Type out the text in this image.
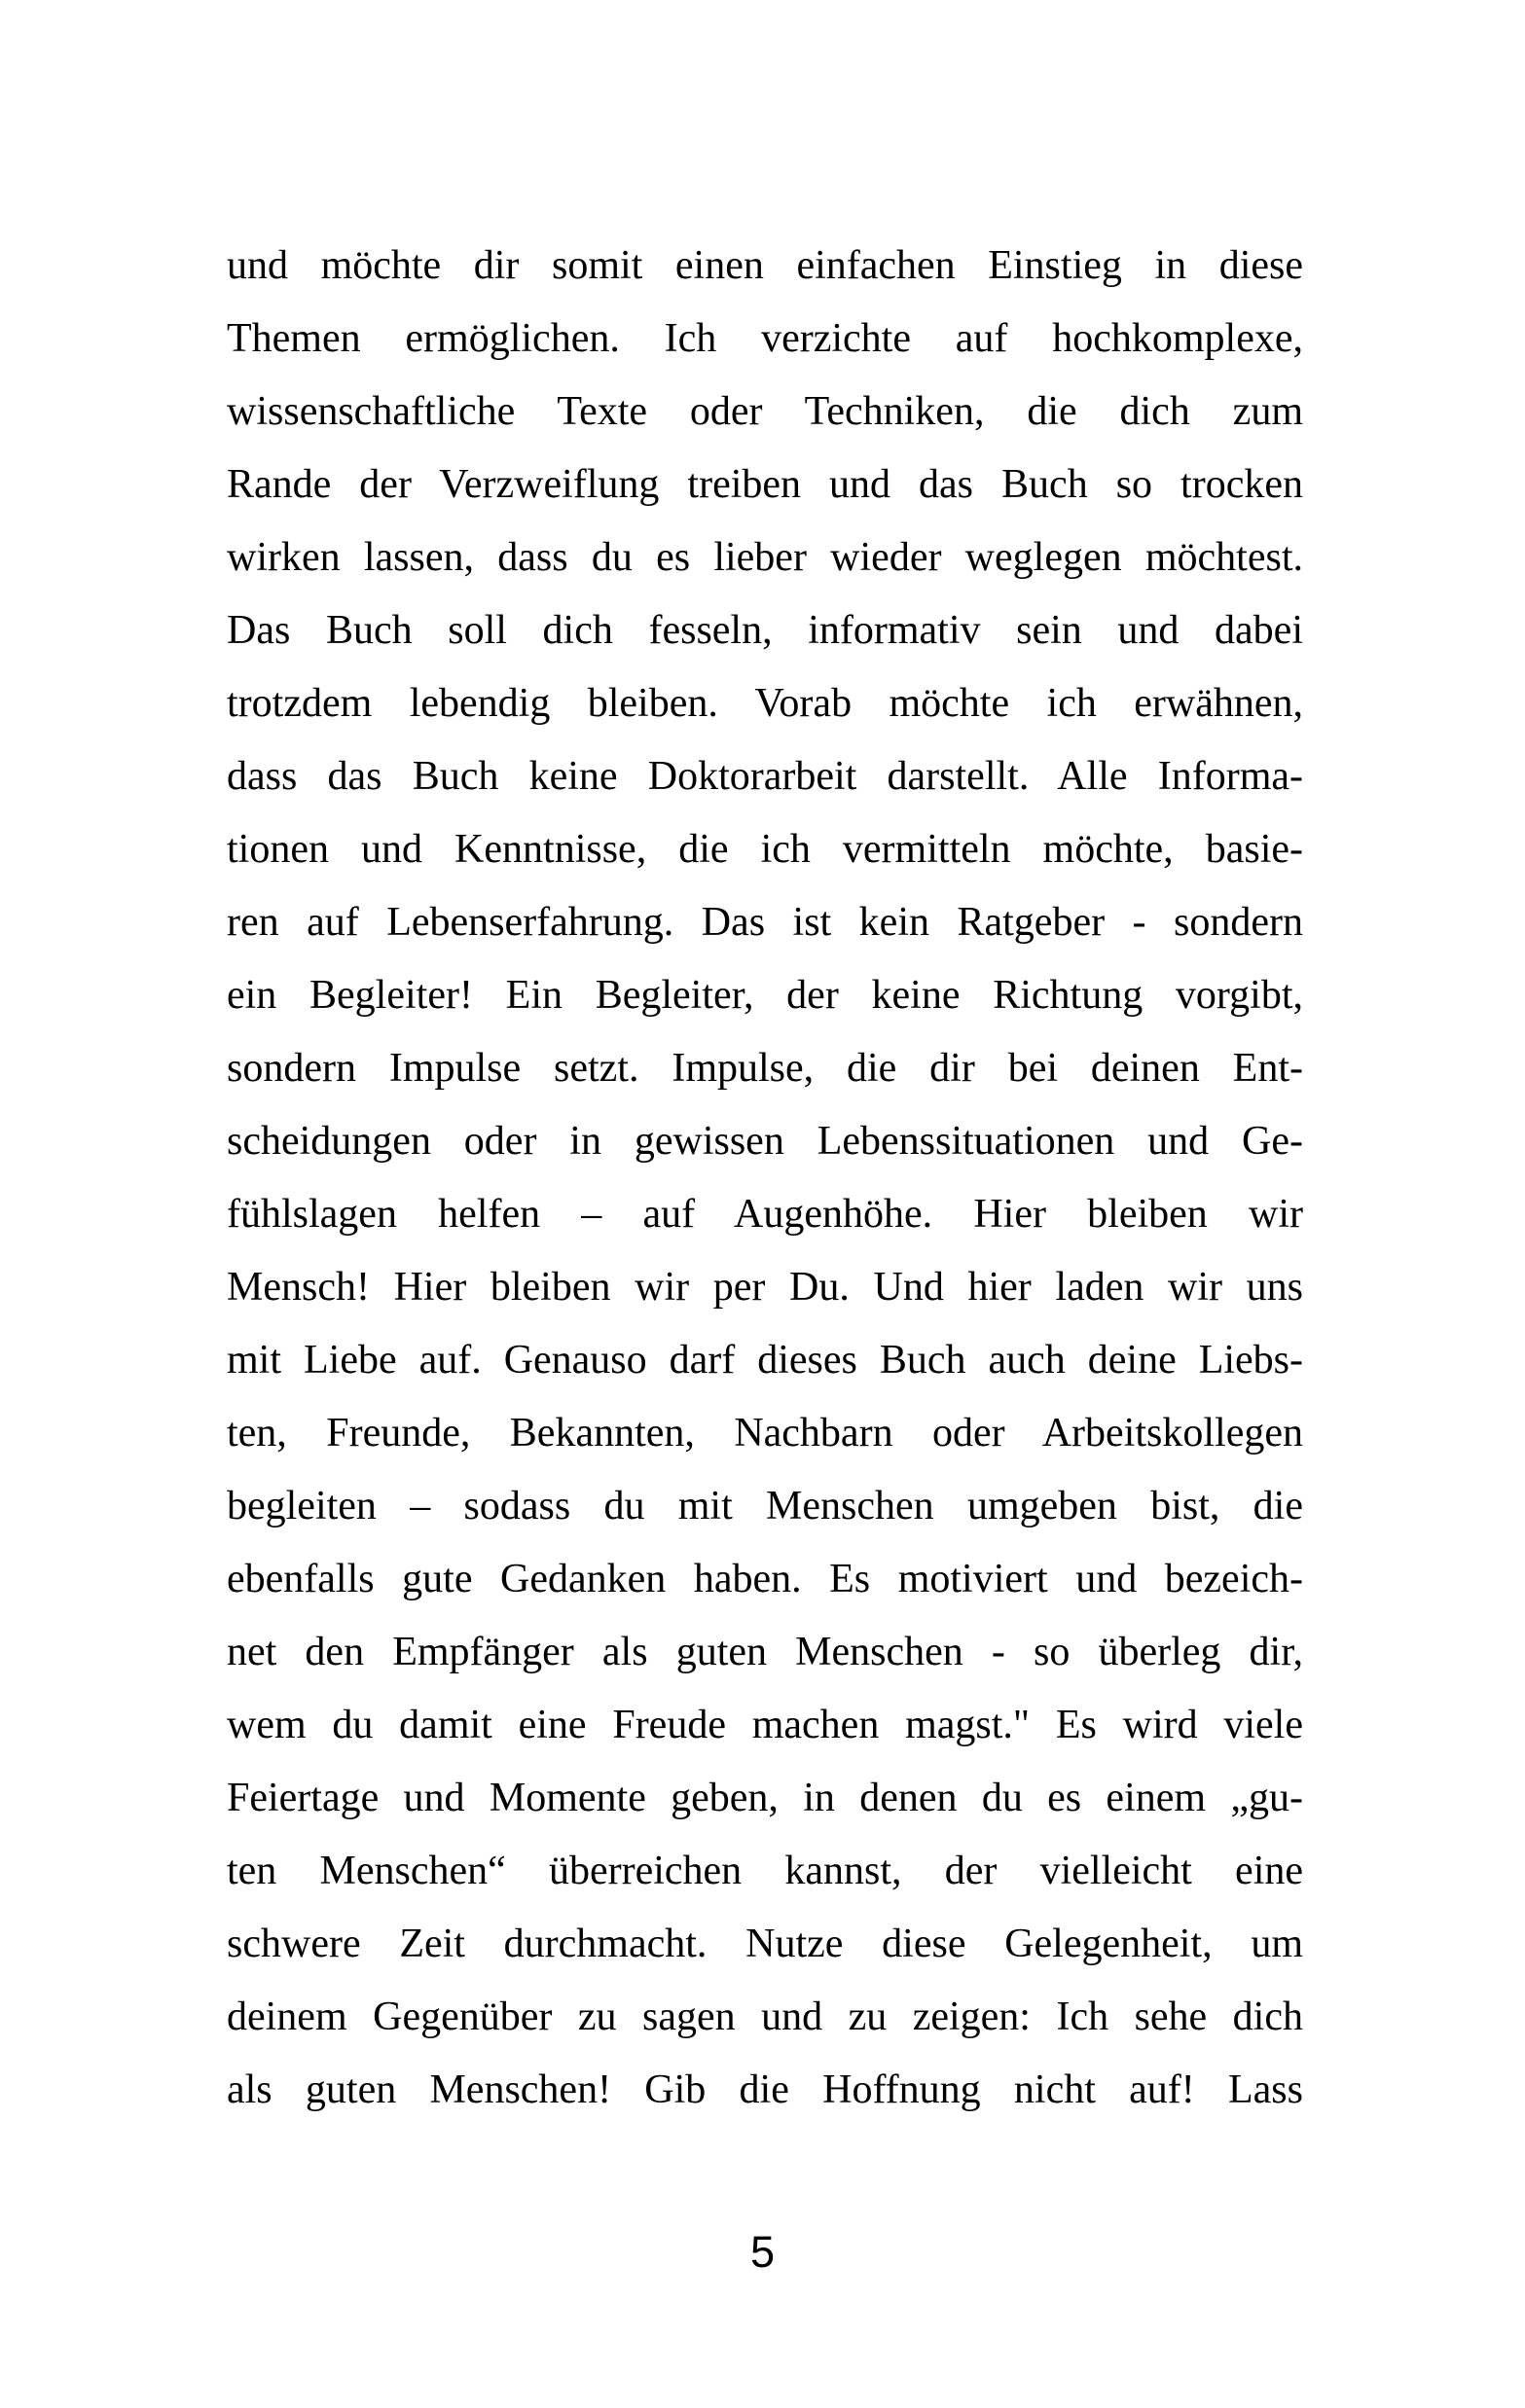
und möchte dir somit einen einfachen Einstieg in diese
Themen ermöglichen. Ich verzichte auf hochkomplexe,
wissenschaftliche Texte oder Techniken, die dich zum
Rande der Verzweiflung treiben und das Buch so trocken
wirken lassen, dass du es lieber wieder weglegen möchtest.
Das Buch soll dich fesseln, informativ sein und dabei
trotzdem lebendig bleiben. Vorab möchte ich erwähnen,
dass das Buch keine Doktorarbeit darstellt. Alle Informa-
tionen und Kenntnisse, die ich vermitteln möchte, basie-
ren auf Lebenserfahrung. Das ist kein Ratgeber - sondern
ein Begleiter! Ein Begleiter, der keine Richtung vorgibt,
sondern Impulse setzt. Impulse, die dir bei deinen Ent-
scheidungen oder in gewissen Lebenssituationen und Ge-
fühlslagen helfen – auf Augenhöhe. Hier bleiben wir
Mensch! Hier bleiben wir per Du. Und hier laden wir uns
mit Liebe auf. Genauso darf dieses Buch auch deine Liebs-
ten, Freunde, Bekannten, Nachbarn oder Arbeitskollegen
begleiten – sodass du mit Menschen umgeben bist, die
ebenfalls gute Gedanken haben. Es motiviert und bezeich-
net den Empfänger als guten Menschen - so überleg dir,
wem du damit eine Freude machen magst." Es wird viele
Feiertage und Momente geben, in denen du es einem „gu-
ten Menschen“ überreichen kannst, der vielleicht eine
schwere Zeit durchmacht. Nutze diese Gelegenheit, um
deinem Gegenüber zu sagen und zu zeigen: Ich sehe dich
als guten Menschen! Gib die Hoffnung nicht auf! Lass
5
